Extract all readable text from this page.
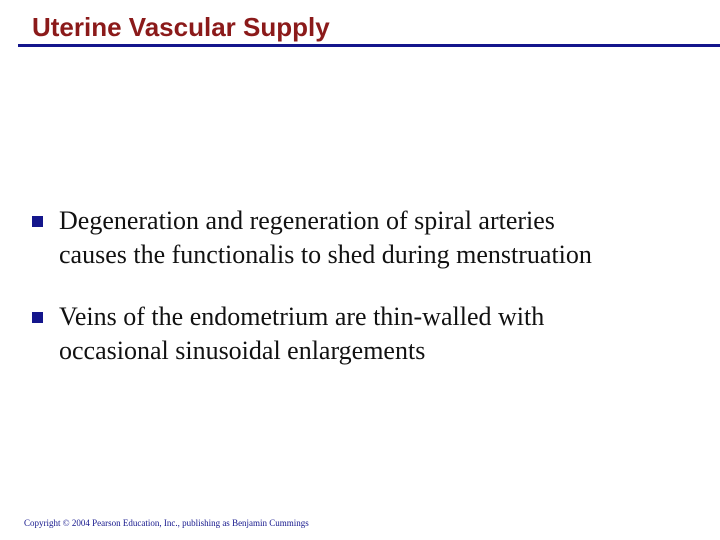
Uterine Vascular Supply
Degeneration and regeneration of spiral arteries
causes the functionalis to shed during menstruation
Veins of the endometrium are thin-walled with
occasional sinusoidal enlargements
Copyright © 2004 Pearson Education, Inc., publishing as Benjamin Cummings
